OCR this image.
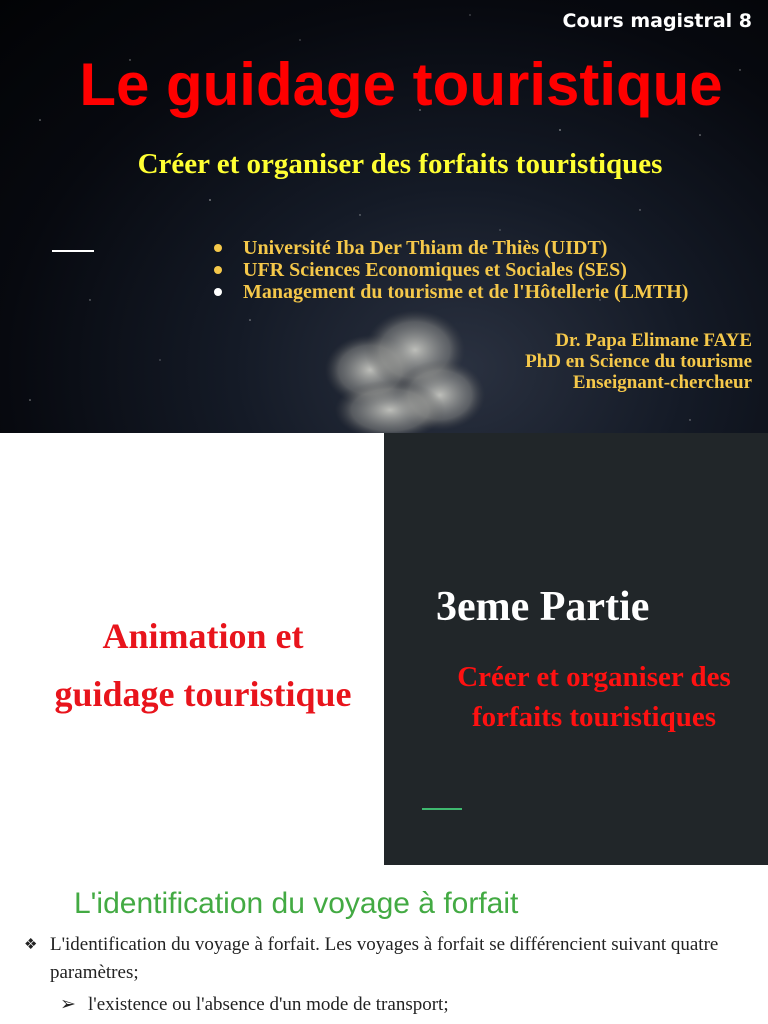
Cours magistral 8
Le guidage touristique
Créer et organiser des forfaits touristiques
Université Iba Der Thiam de Thiès (UIDT)
UFR Sciences Economiques et Sociales (SES)
Management du tourisme et de l'Hôtellerie (LMTH)
Dr. Papa Elimane FAYE
PhD en Science du tourisme
Enseignant-chercheur
Animation et
guidage touristique
3eme Partie
Créer et organiser des
forfaits touristiques
L'identification du voyage à forfait
❖ L'identification du voyage à forfait. Les voyages à forfait se différencient suivant quatre paramètres;
➢ l'existence ou l'absence d'un mode de transport;
